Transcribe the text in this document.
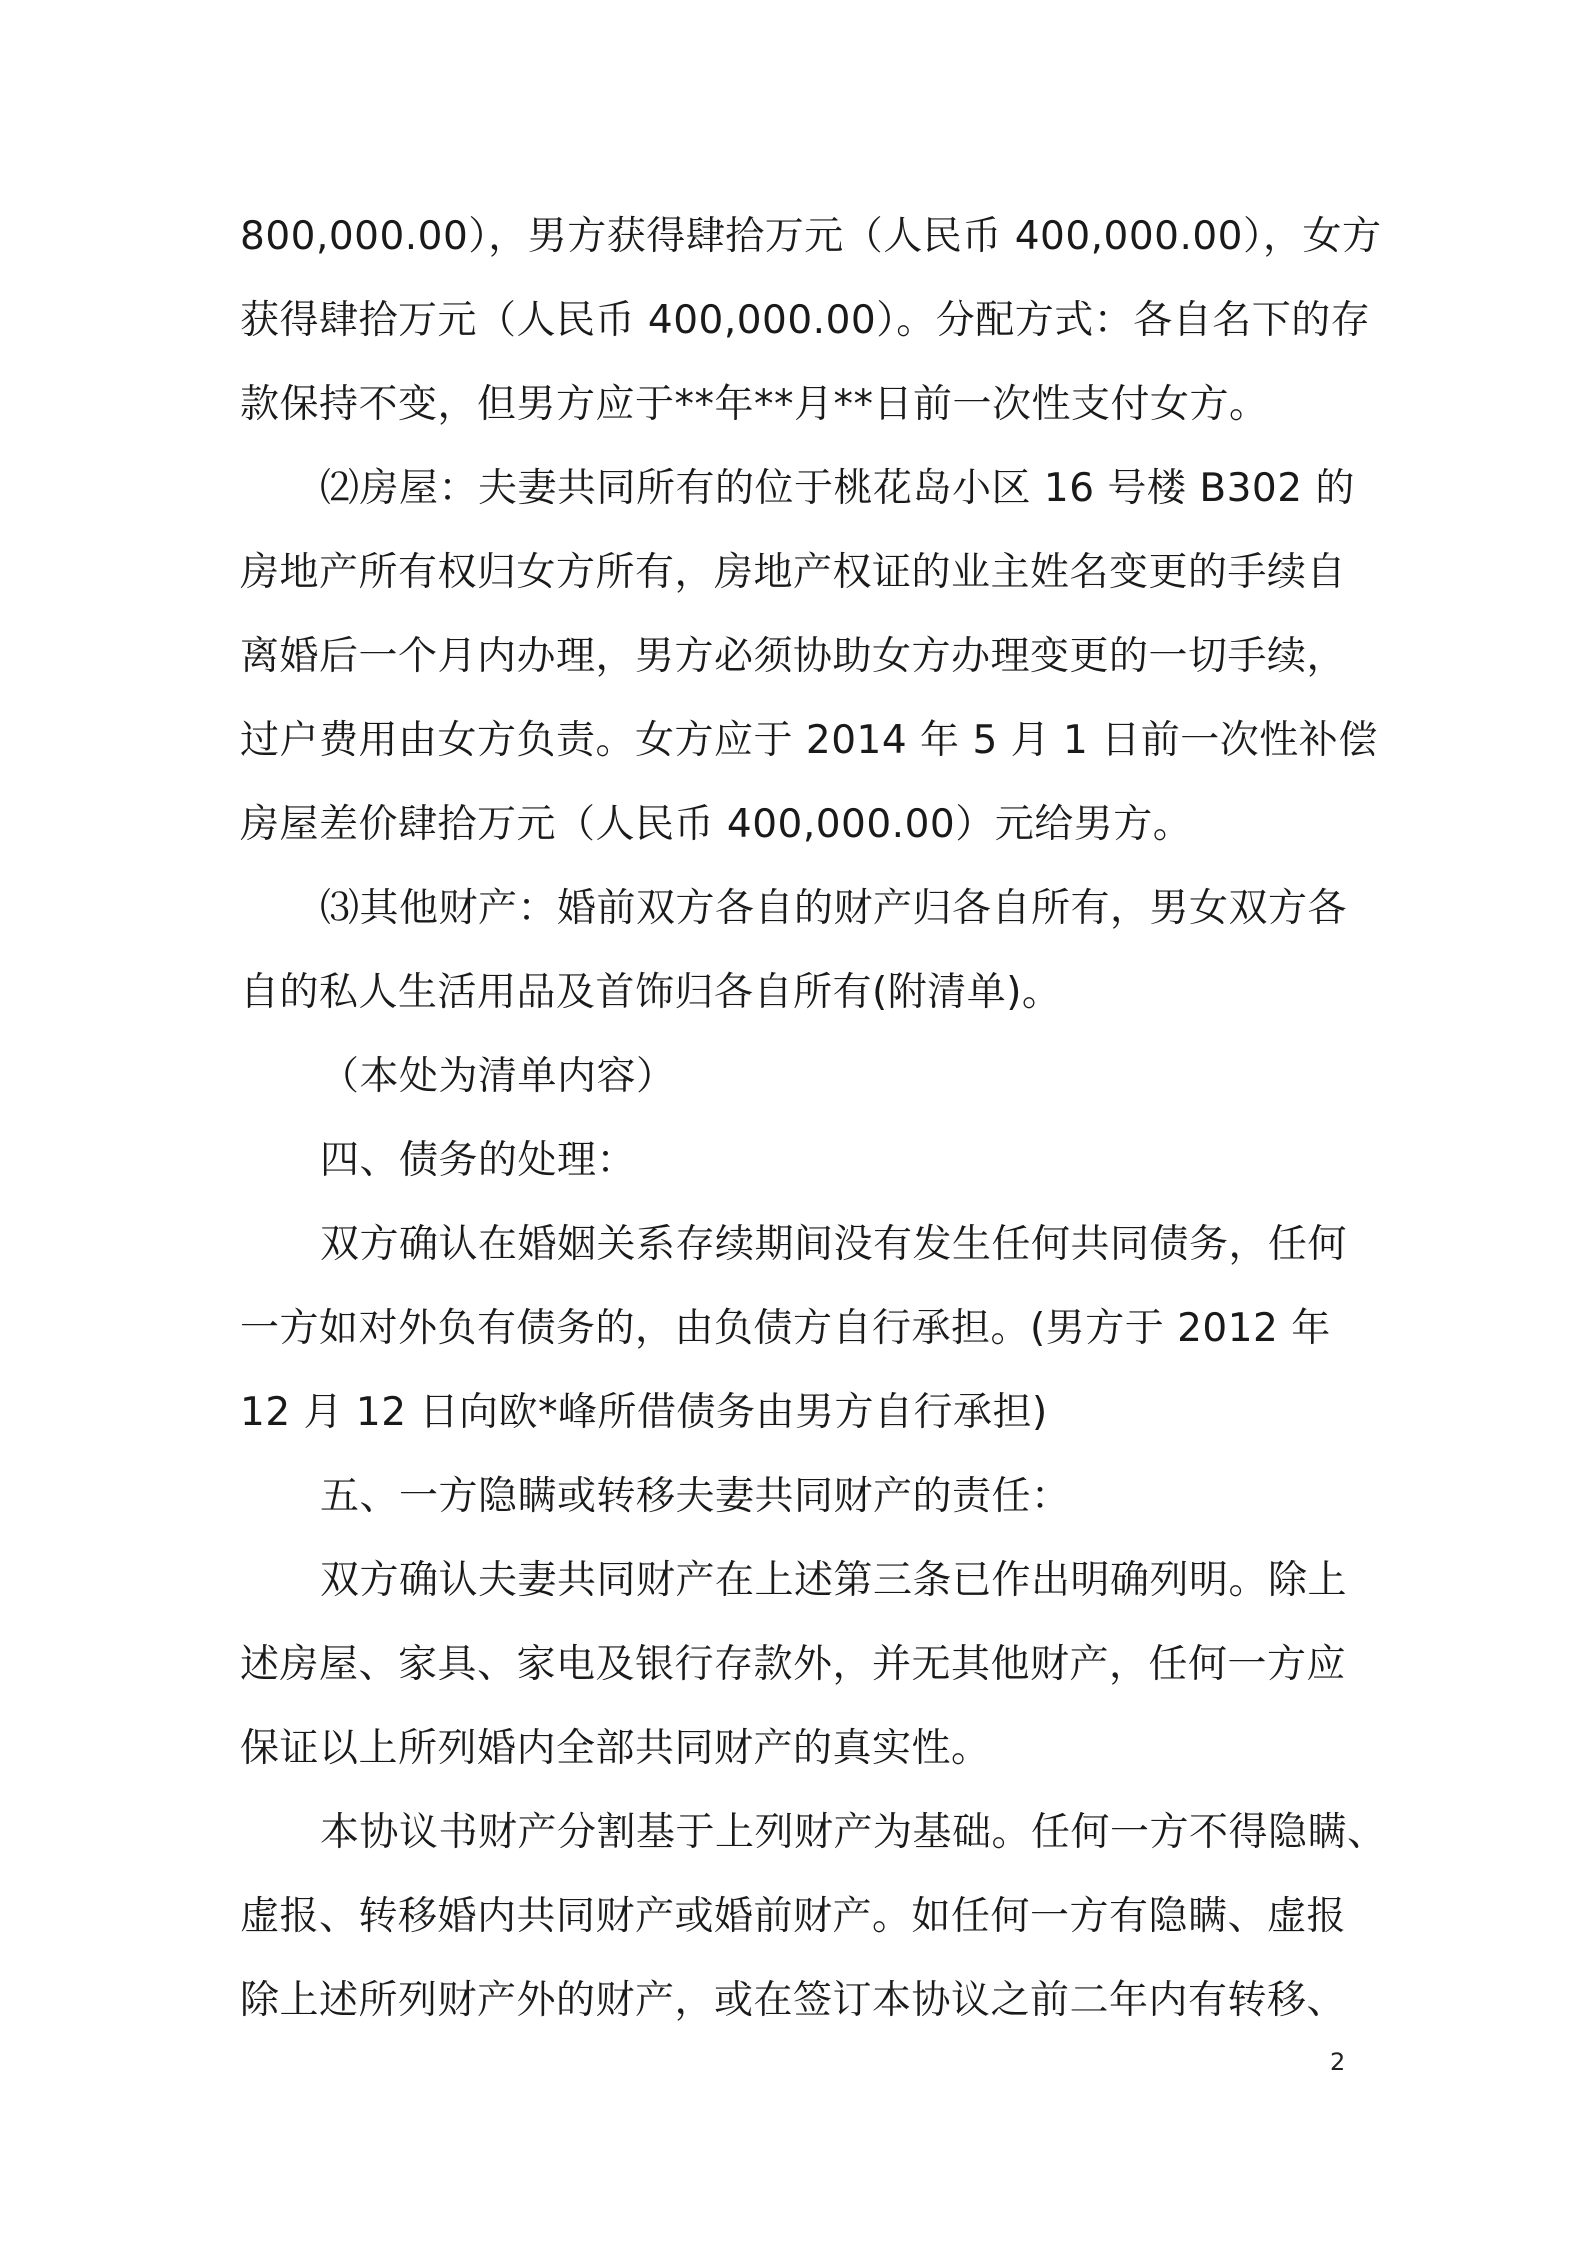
800,000.00），男方获得肆拾万元（人民币 400,000.00），女方
获得肆拾万元（人民币 400,000.00）。分配方式：各自名下的存
款保持不变，但男方应于**年**月**日前一次性支付女方。
⑵房屋：夫妻共同所有的位于桃花岛小区 16 号楼 B302 的
房地产所有权归女方所有，房地产权证的业主姓名变更的手续自
离婚后一个月内办理，男方必须协助女方办理变更的一切手续，
过户费用由女方负责。女方应于 2014 年 5 月 1 日前一次性补偿
房屋差价肆拾万元（人民币 400,000.00）元给男方。
⑶其他财产：婚前双方各自的财产归各自所有，男女双方各
自的私人生活用品及首饰归各自所有(附清单)。
（本处为清单内容）
四、债务的处理：
双方确认在婚姻关系存续期间没有发生任何共同债务，任何
一方如对外负有债务的，由负债方自行承担。(男方于 2012 年
12 月 12 日向欧*峰所借债务由男方自行承担)
五、一方隐瞒或转移夫妻共同财产的责任：
双方确认夫妻共同财产在上述第三条已作出明确列明。除上
述房屋、家具、家电及银行存款外，并无其他财产，任何一方应
保证以上所列婚内全部共同财产的真实性。
本协议书财产分割基于上列财产为基础。任何一方不得隐瞒、
虚报、转移婚内共同财产或婚前财产。如任何一方有隐瞒、虚报
除上述所列财产外的财产，或在签订本协议之前二年内有转移、
2
